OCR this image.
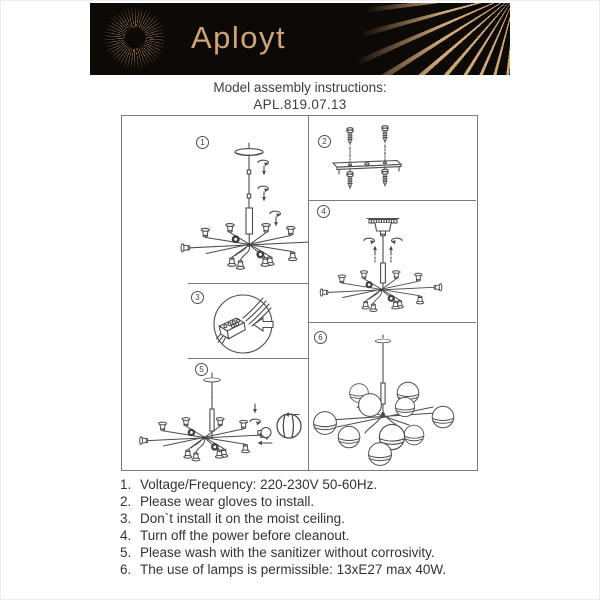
Aployt
Model assembly instructions:
APL.819.07.13
1	2
3
4
5
6
1. Voltage/Frequency: 220-230V 50-60Hz.
2. Please wear gloves to install.
3. Don`t install it on the moist ceiling.
4. Turn off the power before cleanout.
5. Please wash with the sanitizer without corrosivity.
6. The use of lamps is permissible: 13xE27 max 40W.
